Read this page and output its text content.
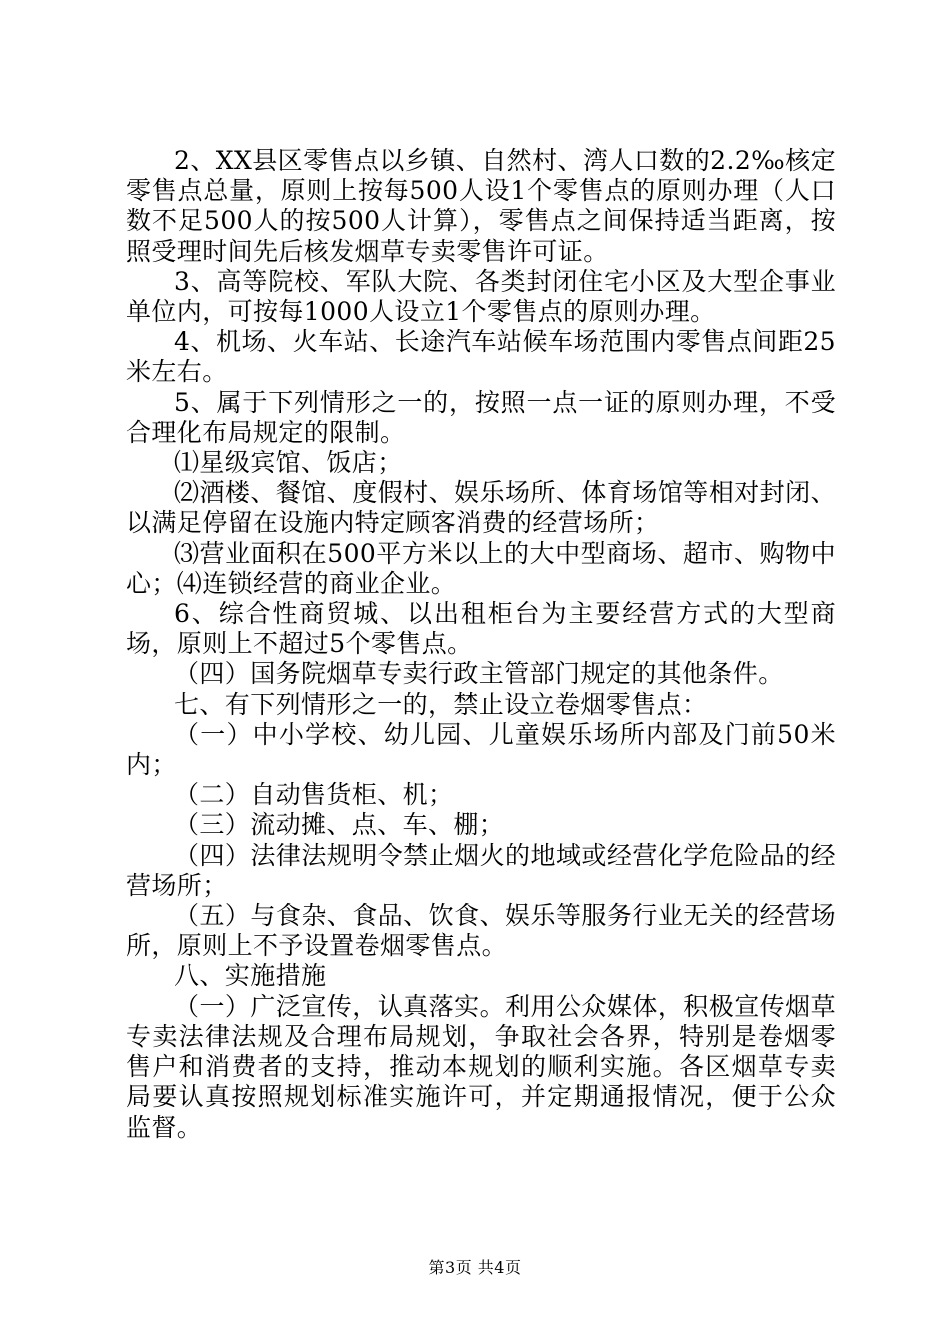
2、XX县区零售点以乡镇、自然村、湾人口数的2.2‰核定零售点总量，原则上按每500人设1个零售点的原则办理（人口数不足500人的按500人计算），零售点之间保持适当距离，按照受理时间先后核发烟草专卖零售许可证。

3、高等院校、军队大院、各类封闭住宅小区及大型企事业单位内，可按每1000人设立1个零售点的原则办理。

4、机场、火车站、长途汽车站候车场范围内零售点间距25米左右。

5、属于下列情形之一的，按照一点一证的原则办理，不受合理化布局规定的限制。

⑴星级宾馆、饭店；

⑵酒楼、餐馆、度假村、娱乐场所、体育场馆等相对封闭、以满足停留在设施内特定顾客消费的经营场所；

⑶营业面积在500平方米以上的大中型商场、超市、购物中心；⑷连锁经营的商业企业。

6、综合性商贸城、以出租柜台为主要经营方式的大型商场，原则上不超过5个零售点。

（四）国务院烟草专卖行政主管部门规定的其他条件。

七、有下列情形之一的，禁止设立卷烟零售点：

（一）中小学校、幼儿园、儿童娱乐场所内部及门前50米内；

（二）自动售货柜、机；

（三）流动摊、点、车、棚；

（四）法律法规明令禁止烟火的地域或经营化学危险品的经营场所；

（五）与食杂、食品、饮食、娱乐等服务行业无关的经营场所，原则上不予设置卷烟零售点。

八、实施措施

（一）广泛宣传，认真落实。利用公众媒体，积极宣传烟草专卖法律法规及合理布局规划，争取社会各界，特别是卷烟零售户和消费者的支持，推动本规划的顺利实施。各区烟草专卖局要认真按照规划标准实施许可，并定期通报情况，便于公众监督。

第3页 共4页
